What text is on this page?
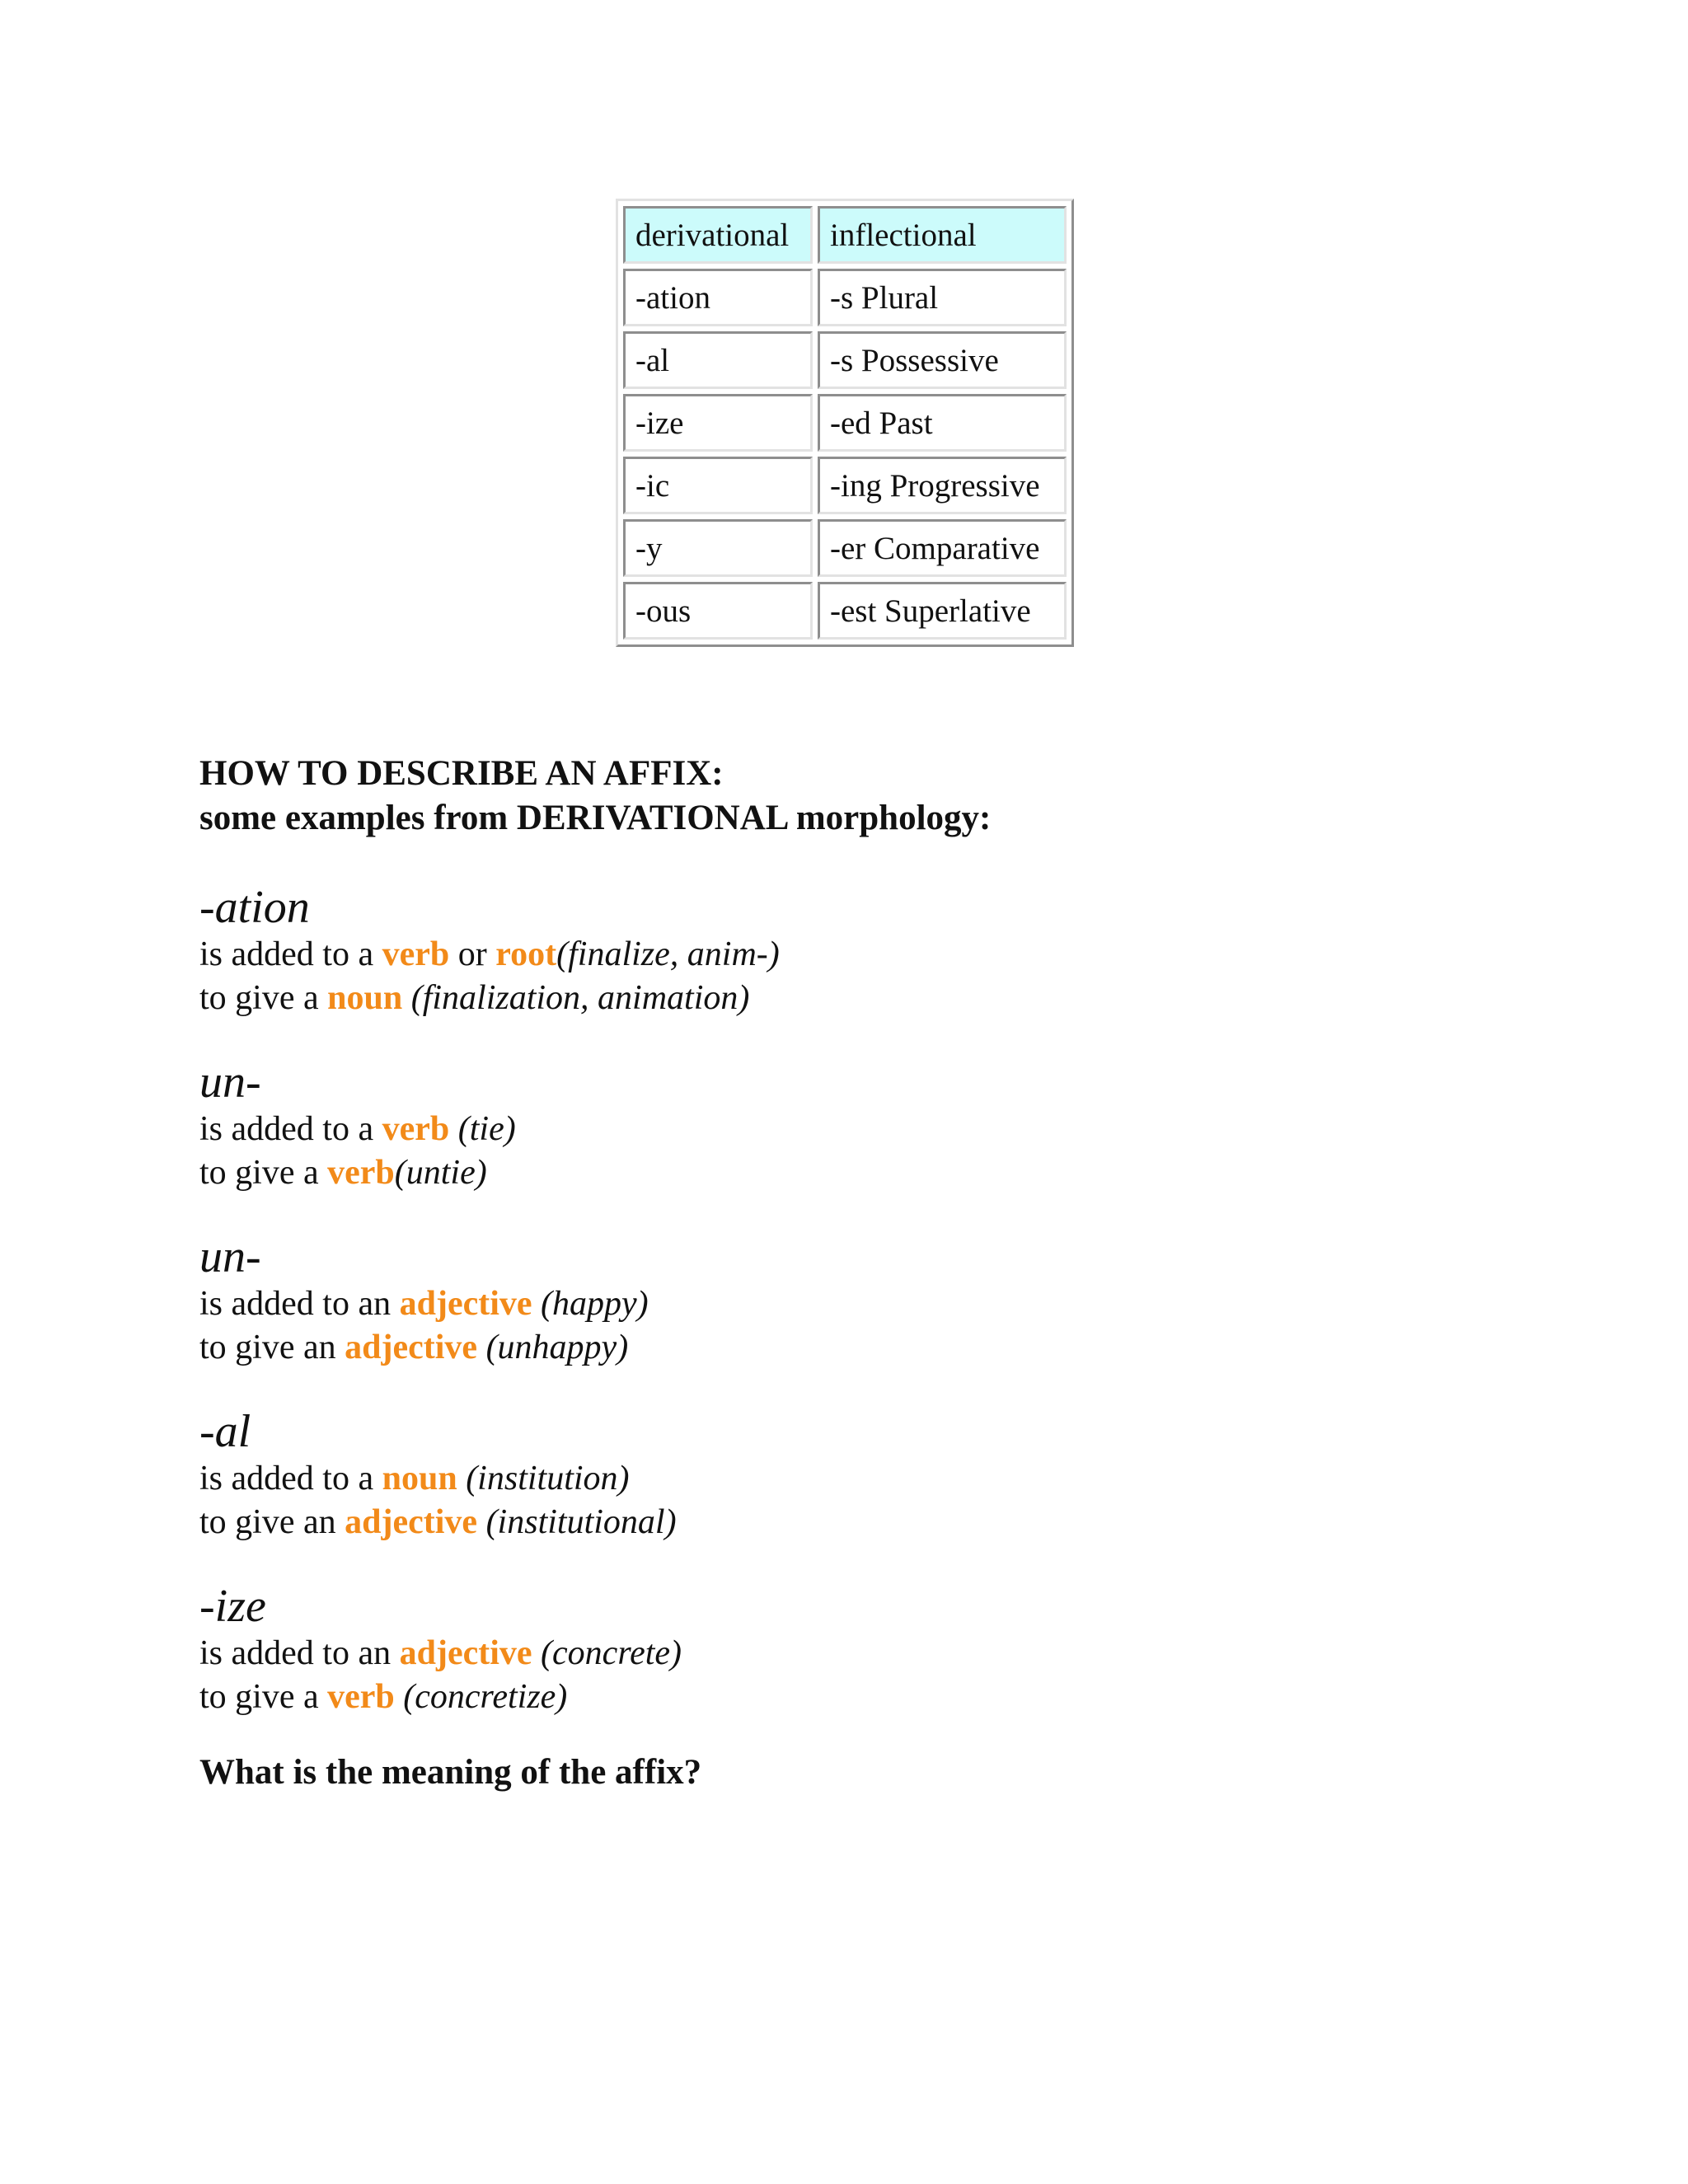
derivational	inflectional
-ation	-s Plural
-al	-s Possessive
-ize	-ed Past
-ic	-ing Progressive
-y	-er Comparative
-ous	-est Superlative

HOW TO DESCRIBE AN AFFIX:
some examples from DERIVATIONAL morphology:

-ation
is added to a verb or root(finalize, anim-)
to give a noun (finalization, animation)
un-
is added to a verb (tie)
to give a verb(untie)
un-
is added to an adjective (happy)
to give an adjective (unhappy)
-al
is added to a noun (institution)
to give an adjective (institutional)
-ize
is added to an adjective (concrete)
to give a verb (concretize)
What is the meaning of the affix?
